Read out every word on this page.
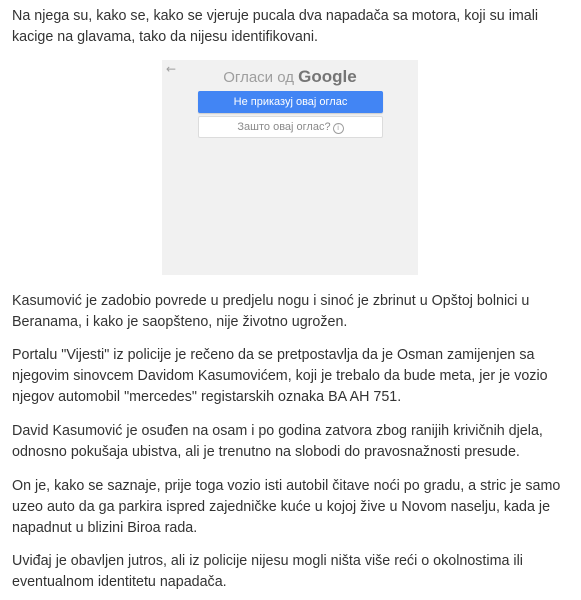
Na njega su, kako se, kako se vjeruje pucala dva napadača sa motora, koji su imali kacige na glavama, tako da nijesu identifikovani.

←	Огласи од Google
Не приказуј овај оглас
Зашто овај оглас? i

Kasumović je zadobio povrede u predjelu nogu i sinoć je zbrinut u Opštoj bolnici u Beranama, i kako je saopšteno, nije životno ugrožen.

Portalu "Vijesti" iz policije je rečeno da se pretpostavlja da je Osman zamijenjen sa njegovim sinovcem Davidom Kasumovićem, koji je trebalo da bude meta, jer je vozio njegov automobil "mercedes" registarskih oznaka BA AH 751.

David Kasumović je osuđen na osam i po godina zatvora zbog ranijih krivičnih djela, odnosno pokušaja ubistva, ali je trenutno na slobodi do pravosnažnosti presude.

On je, kako se saznaje, prije toga vozio isti autobil čitave noći po gradu, a stric je samo uzeo auto da ga parkira ispred zajedničke kuće u kojoj žive u Novom naselju, kada je napadnut u blizini Biroa rada.

Uviđaj je obavljen jutros, ali iz policije nijesu mogli ništa više reći o okolnostima ili eventualnom identitetu napadača.
